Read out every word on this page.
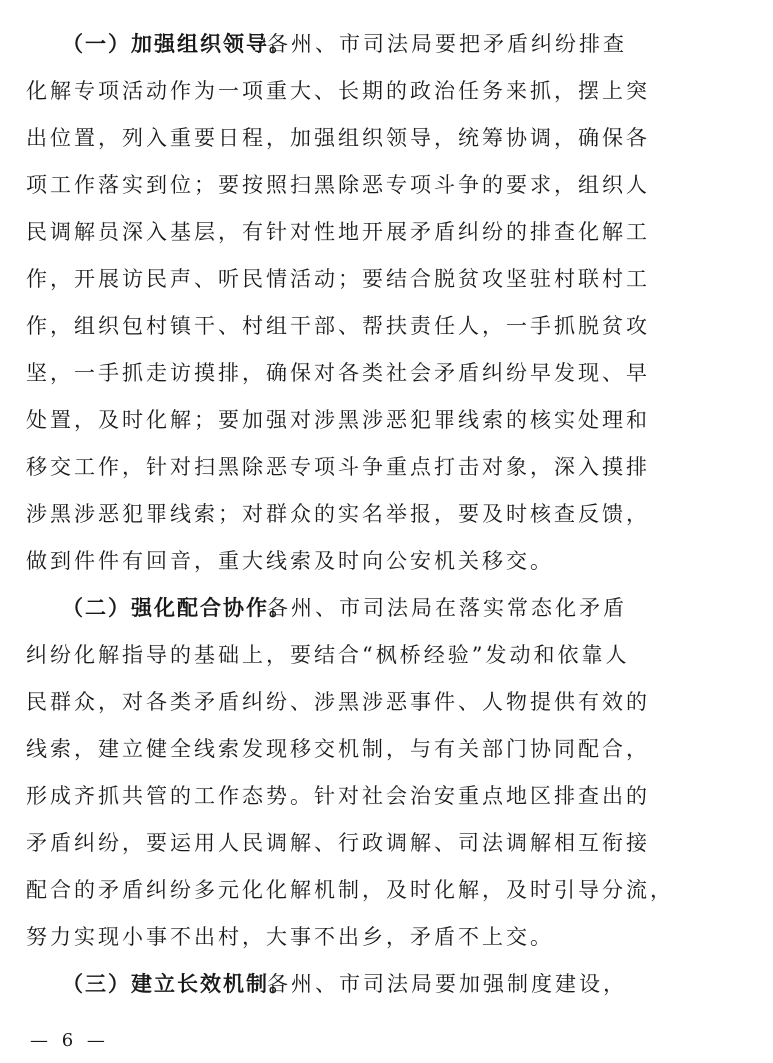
（一）加强组织领导。
各州、市司法局要把矛盾纠纷排查
化解专项活动作为一项重大、长期的政治任务来抓，摆上突
出位置，列入重要日程，加强组织领导，统筹协调，确保各
项工作落实到位；要按照扫黑除恶专项斗争的要求，组织人
民调解员深入基层，有针对性地开展矛盾纠纷的排查化解工
作，开展访民声、听民情活动；要结合脱贫攻坚驻村联村工
作，组织包村镇干、村组干部、帮扶责任人，一手抓脱贫攻
坚，一手抓走访摸排，确保对各类社会矛盾纠纷早发现、早
处置，及时化解；要加强对涉黑涉恶犯罪线索的核实处理和
移交工作，针对扫黑除恶专项斗争重点打击对象，深入摸排
涉黑涉恶犯罪线索；对群众的实名举报，要及时核查反馈，
做到件件有回音，重大线索及时向公安机关移交。
（二）强化配合协作。
各州、市司法局在落实常态化矛盾
纠纷化解指导的基础上，要结合“枫桥经验”发动和依靠人
民群众，对各类矛盾纠纷、涉黑涉恶事件、人物提供有效的
线索，建立健全线索发现移交机制，与有关部门协同配合，
形成齐抓共管的工作态势。针对社会治安重点地区排查出的
矛盾纠纷，要运用人民调解、行政调解、司法调解相互衔接
配合的矛盾纠纷多元化化解机制，及时化解，及时引导分流，
努力实现小事不出村，大事不出乡，矛盾不上交。
（三）建立长效机制。
各州、市司法局要加强制度建设，
— 6 —
